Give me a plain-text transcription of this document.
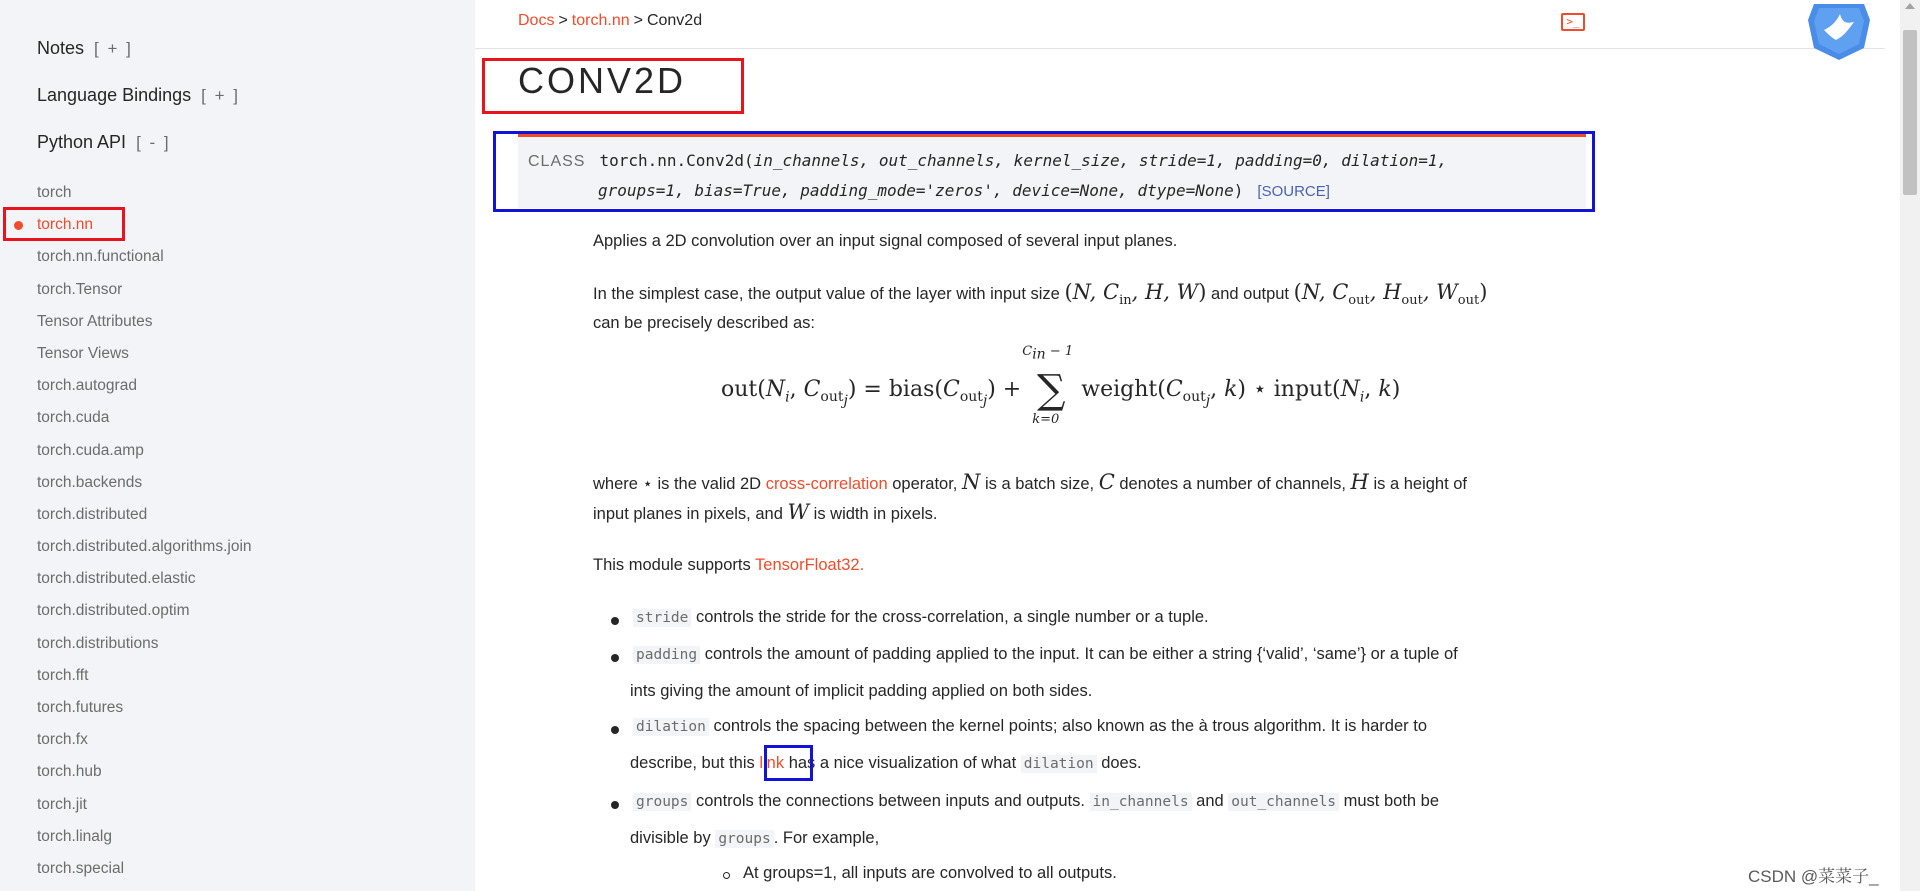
Notes [ + ]
Language Bindings [ + ]
Python API [ - ]
torch
torch.nn
torch.nn.functional
torch.Tensor
Tensor Attributes
Tensor Views
torch.autograd
torch.cuda
torch.cuda.amp
torch.backends
torch.distributed
torch.distributed.algorithms.join
torch.distributed.elastic
torch.distributed.optim
torch.distributions
torch.fft
torch.futures
torch.fx
torch.hub
torch.jit
torch.linalg
torch.special
Docs > torch.nn > Conv2d	>_
CONV2D
CLASS torch.nn.Conv2d(in_channels, out_channels, kernel_size, stride=1, padding=0, dilation=1,
groups=1, bias=True, padding_mode='zeros', device=None, dtype=None) [SOURCE]
Applies a 2D convolution over an input signal composed of several input planes.
In the simplest case, the output value of the layer with input size (N, $C_{in}$, H, W) and output (N, $C_{out}$, $H_{out}$, $W_{out}$)
can be precisely described as:
$out(N_i$, $C_{out_j}$) = $bias(C_{out_j})$ + ∑
$C_{in} - 1$
k=0
$weight(C_{out_j}$, k) ⋆ $input(N_i$, k)
where ⋆ is the valid 2D cross-correlation operator, N is a batch size, C denotes a number of channels, H is a height of
input planes in pixels, and W is width in pixels.
This module supports TensorFloat32.
stride controls the stride for the cross-correlation, a single number or a tuple.
padding controls the amount of padding applied to the input. It can be either a string {‘valid’, ‘same’} or a tuple of
ints giving the amount of implicit padding applied on both sides.
dilation controls the spacing between the kernel points; also known as the à trous algorithm. It is harder to
describe, but this link has a nice visualization of what dilation does.
groups controls the connections between inputs and outputs. in_channels and out_channels must both be
divisible by groups . For example,
At groups=1, all inputs are convolved to all outputs.	CSDN @菜菜子_
